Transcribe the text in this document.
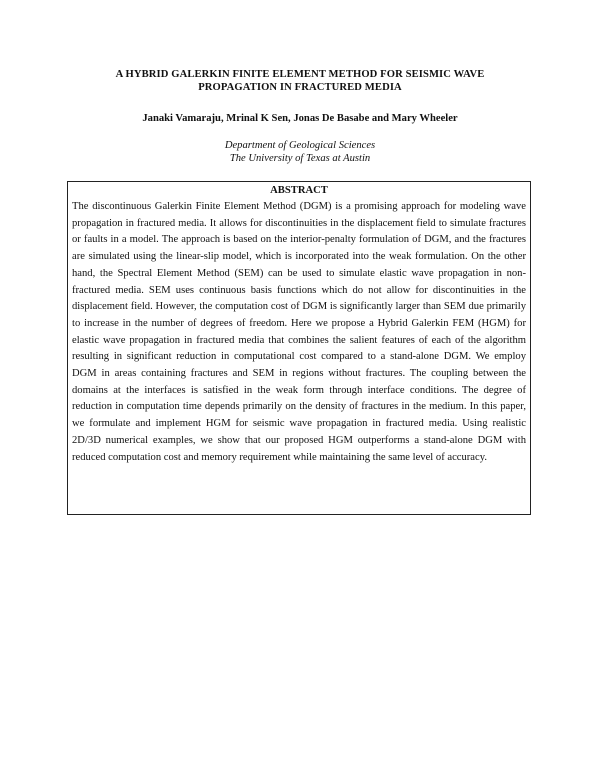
A HYBRID GALERKIN FINITE ELEMENT METHOD FOR SEISMIC WAVE
PROPAGATION IN FRACTURED MEDIA
Janaki Vamaraju, Mrinal K Sen, Jonas De Basabe and Mary Wheeler
Department of Geological Sciences
The University of Texas at Austin
ABSTRACT

The discontinuous Galerkin Finite Element Method (DGM) is a promising approach for modeling wave propagation in fractured media. It allows for discontinuities in the displacement field to simulate fractures or faults in a model. The approach is based on the interior-penalty formulation of DGM, and the fractures are simulated using the linear-slip model, which is incorporated into the weak formulation. On the other hand, the Spectral Element Method (SEM) can be used to simulate elastic wave propagation in non-fractured media. SEM uses continuous basis functions which do not allow for discontinuities in the displacement field. However, the computation cost of DGM is significantly larger than SEM due primarily to increase in the number of degrees of freedom. Here we propose a Hybrid Galerkin FEM (HGM) for elastic wave propagation in fractured media that combines the salient features of each of the algorithm resulting in significant reduction in computational cost compared to a stand-alone DGM. We employ DGM in areas containing fractures and SEM in regions without fractures. The coupling between the domains at the interfaces is satisfied in the weak form through interface conditions. The degree of reduction in computation time depends primarily on the density of fractures in the medium. In this paper, we formulate and implement HGM for seismic wave propagation in fractured media. Using realistic 2D/3D numerical examples, we show that our proposed HGM outperforms a stand-alone DGM with reduced computation cost and memory requirement while maintaining the same level of accuracy.
